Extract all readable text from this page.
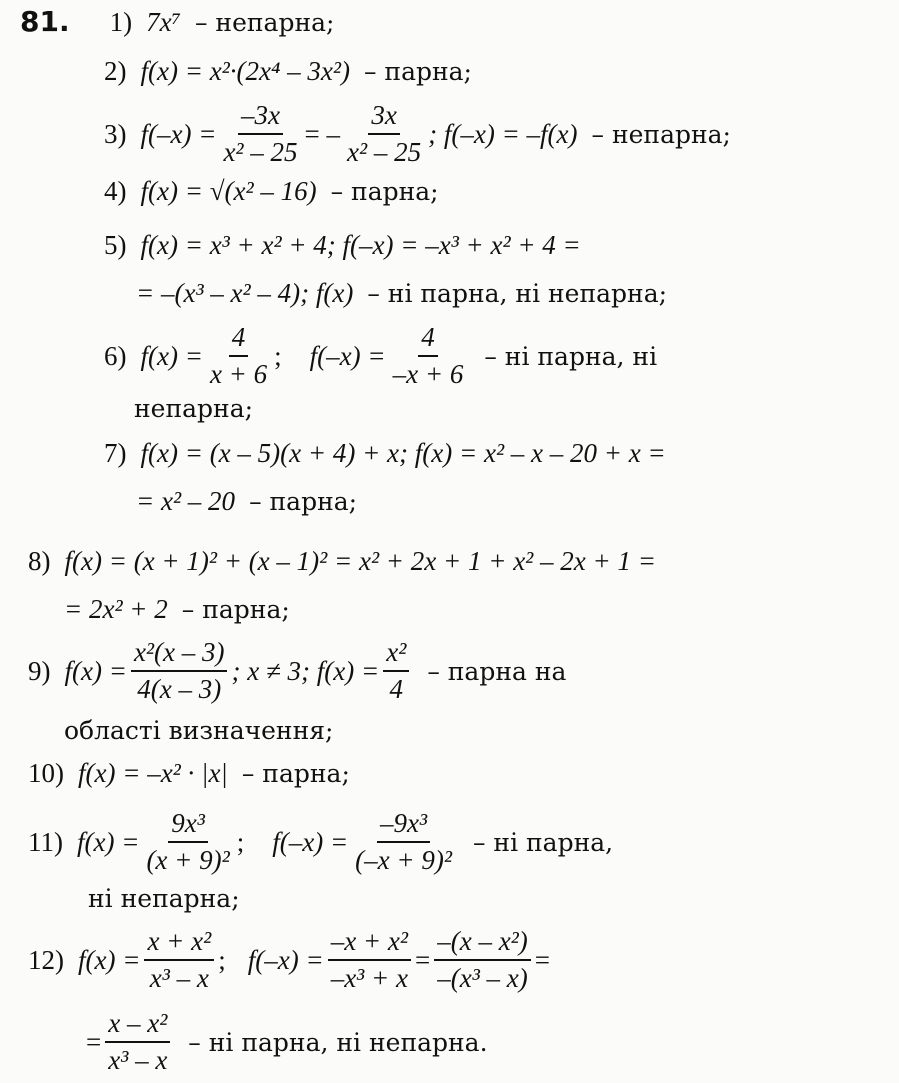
81. 1) 7x⁷ – непарна;
2) f(x) = x²·(2x⁴ – 3x²) – парна;
3) $f(-x) = \frac{-3x}{\text{x² – 25}}$ = – $\frac{3x}{\text{x² – 25}}$ ; f(–x) = –f(x) – непарна;
4) f(x) = √(x² – 16) – парна;
5) f(x) = x³ + x² + 4; f(–x) = –x³ + x² + 4 =
= –(x³ – x² – 4); f(x) – ні парна, ні непарна;
6) $f(x) = \frac{4}{x + 6}$ ; $f(-x) = \frac{4}{-x + 6}$ – ні парна, ні
непарна;
7) f(x) = (x – 5)(x + 4) + x; f(x) = x² – x – 20 + x =
= x² – 20 – парна;
8) f(x) = (x + 1)² + (x – 1)² = x² + 2x + 1 + x² – 2x + 1 =
= 2x² + 2 – парна;
9) $f(x) = \frac{\text{x²(x – 3)}}{4(x - 3)}$ ; x ≠ 3; $f(x) = \frac{\text{x²}}{4}$ – парна на
області визначення;
10) f(x) = –x² · |x| – парна;
11) $f(x) = \frac{\text{9x³}}{\text{(x + 9)²}}$ ; $f(-x) = \frac{\text{–9x³}}{\text{(–x + 9)²}}$ – ні парна,
ні непарна;
12) $f(x) = \frac{\text{x + x²}}{\text{x³ – x}}$ ; $f(-x) = \frac{\text{–x + x²}}{\text{–x³ + x}} = \frac{\text{–(x – x²)}}{\text{–(x³ – x)}}$ =
= $\frac{\text{x – x²}}{\text{x³ – x}}$ – ні парна, ні непарна.
